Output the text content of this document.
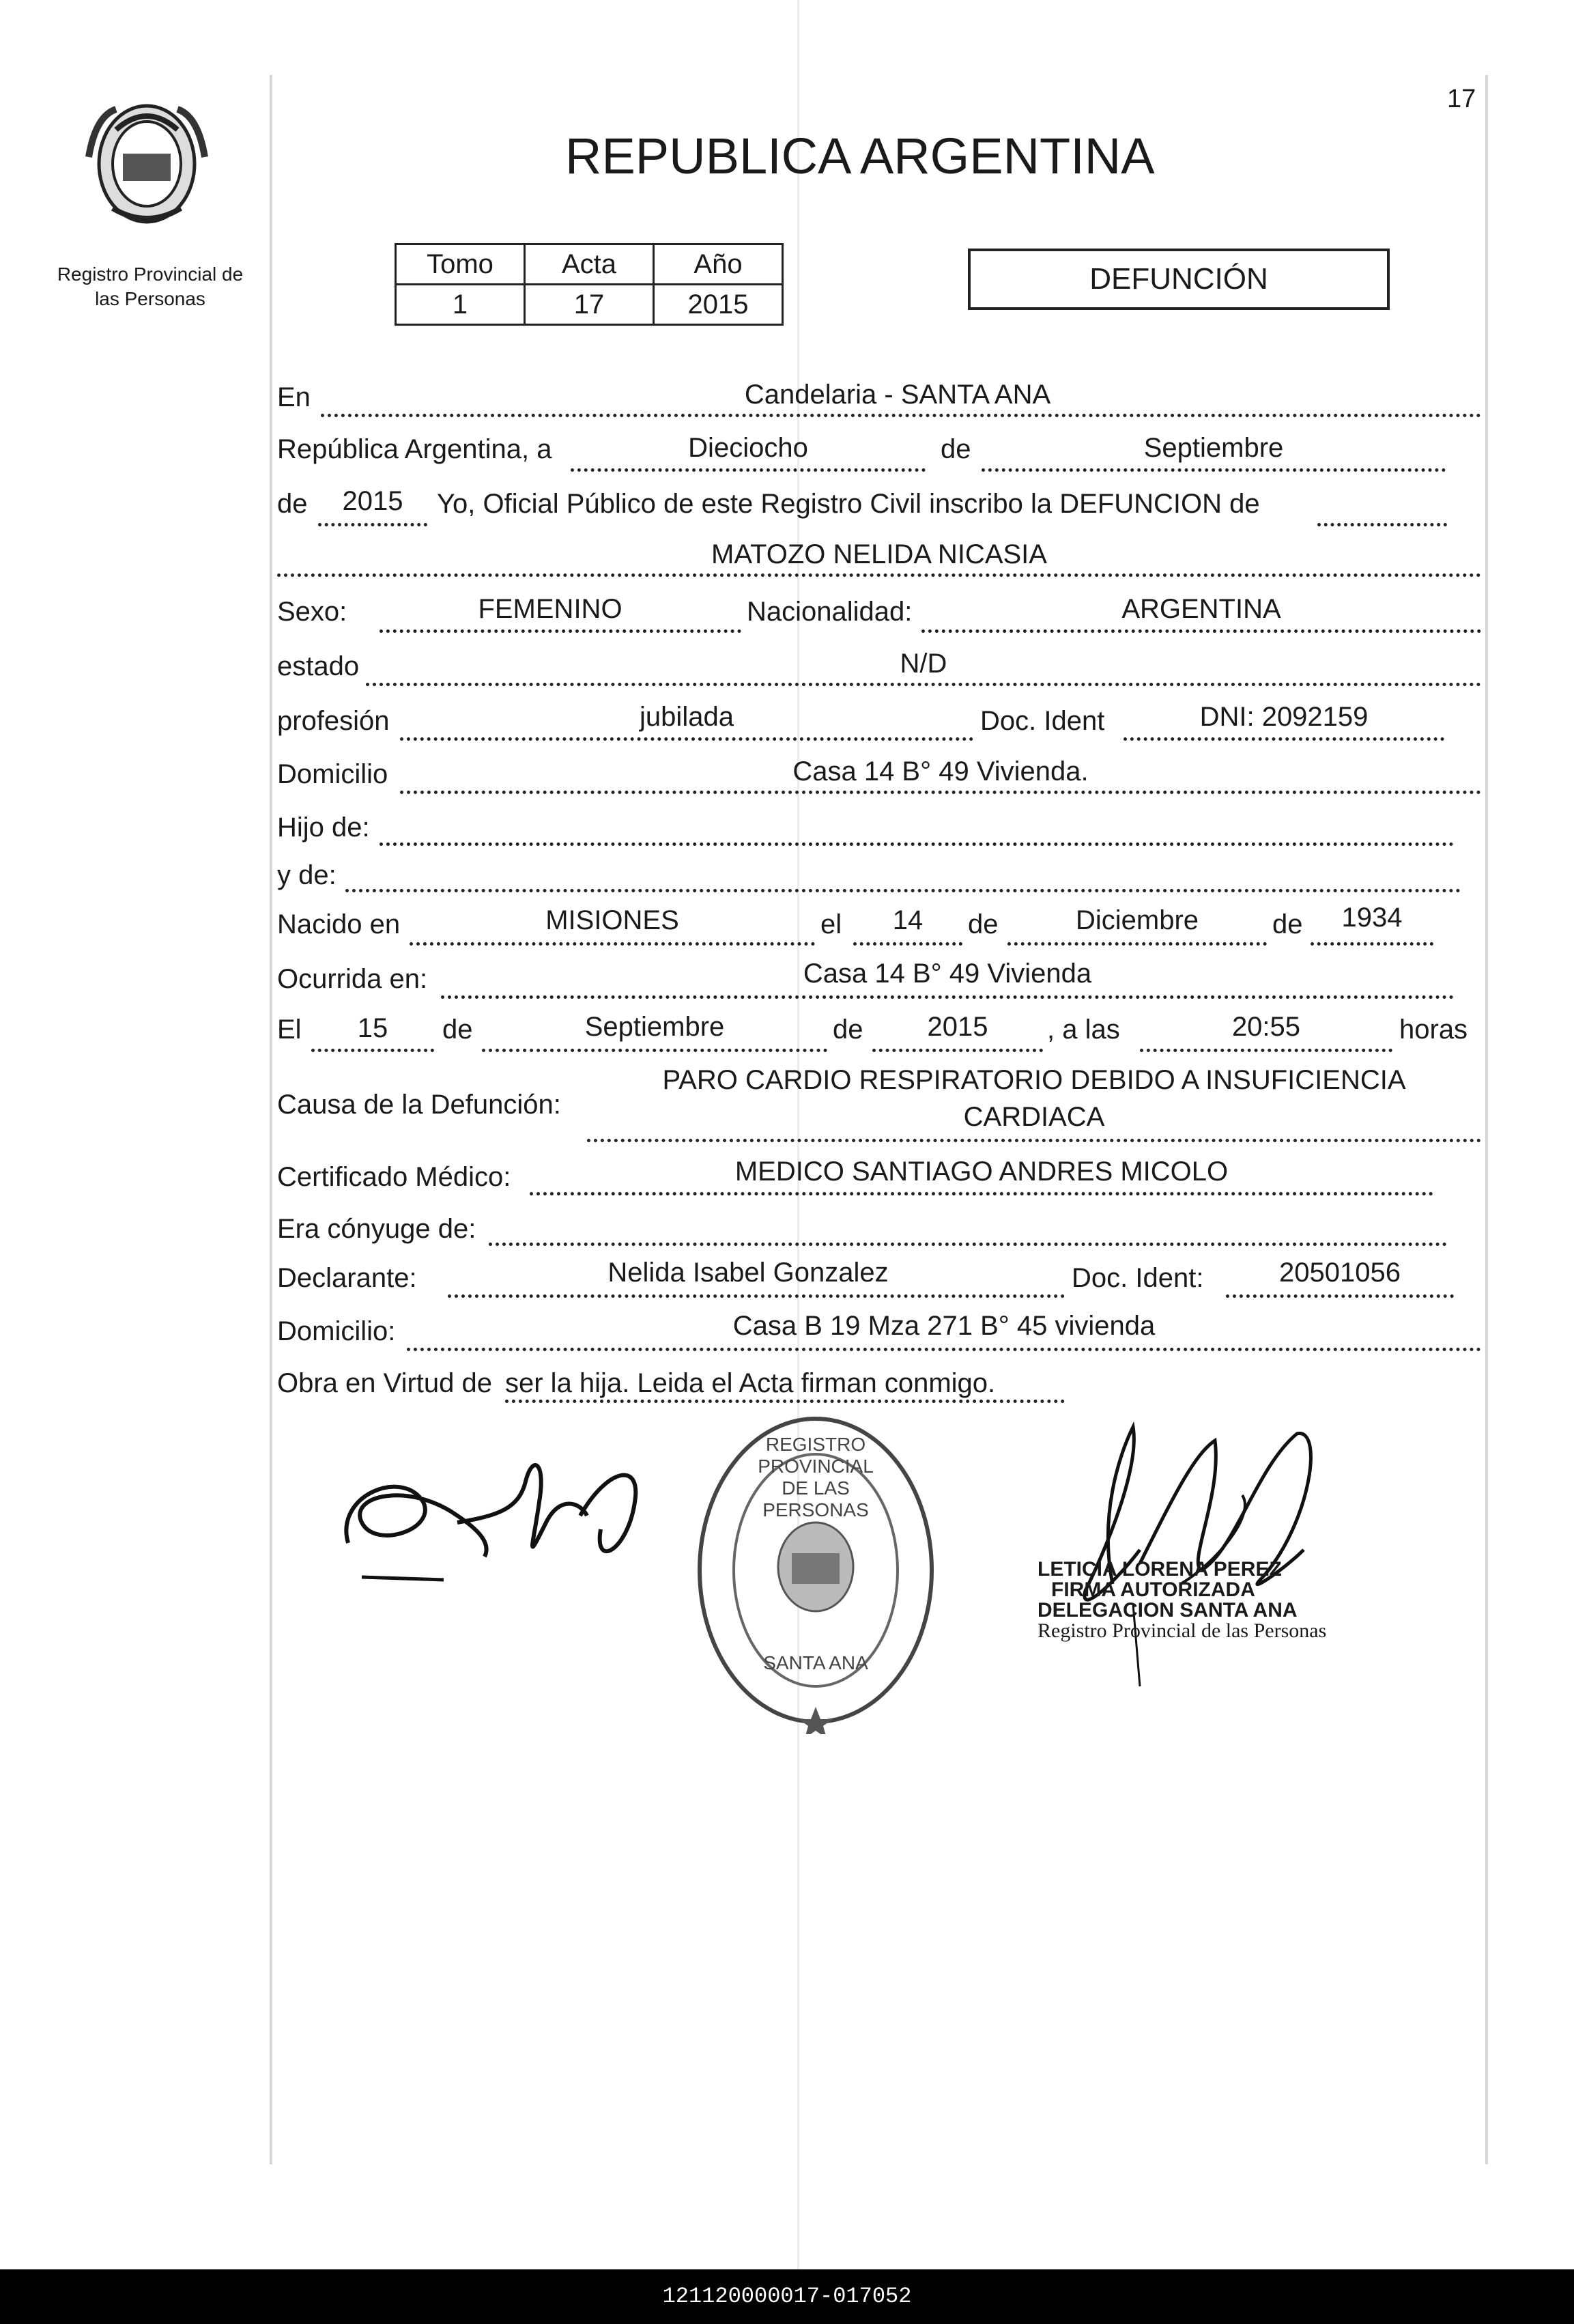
17
Registro Provincial de
las Personas
REPUBLICA ARGENTINA
Tomo	Acta	Año
1	17	2015
DEFUNCIÓN
En	Candelaria - SANTA ANA
República Argentina, a	Dieciocho	de	Septiembre
de	2015	Yo, Oficial Público de este Registro Civil inscribo la DEFUNCION de
MATOZO NELIDA NICASIA
Sexo:	FEMENINO	Nacionalidad:	ARGENTINA
estado	N/D
profesión	jubilada	Doc. Ident	DNI: 2092159
Domicilio	Casa 14 B° 49 Vivienda.
Hijo de:
y de:
Nacido en	MISIONES	el	14	de	Diciembre	de	1934
Ocurrida en:	Casa 14 B° 49 Vivienda
El	15	de	Septiembre	de	2015	, a las	20:55	horas
Causa de la Defunción:
PARO CARDIO RESPIRATORIO DEBIDO A INSUFICIENCIA
CARDIACA
Certificado Médico:	MEDICO SANTIAGO ANDRES MICOLO
Era cónyuge de:
Declarante:	Nelida Isabel Gonzalez	Doc. Ident:	20501056
Domicilio:	Casa B 19 Mza 271 B° 45 vivienda
Obra en Virtud de ser la hija. Leida el Acta firman conmigo.
REGISTRO PROVINCIAL DE LAS PERSONAS
SANTA ANA
LETICIA LORENA PEREZ
FIRMA AUTORIZADA
DELEGACION SANTA ANA
Registro Provincial de las Personas
121120000017-017052
